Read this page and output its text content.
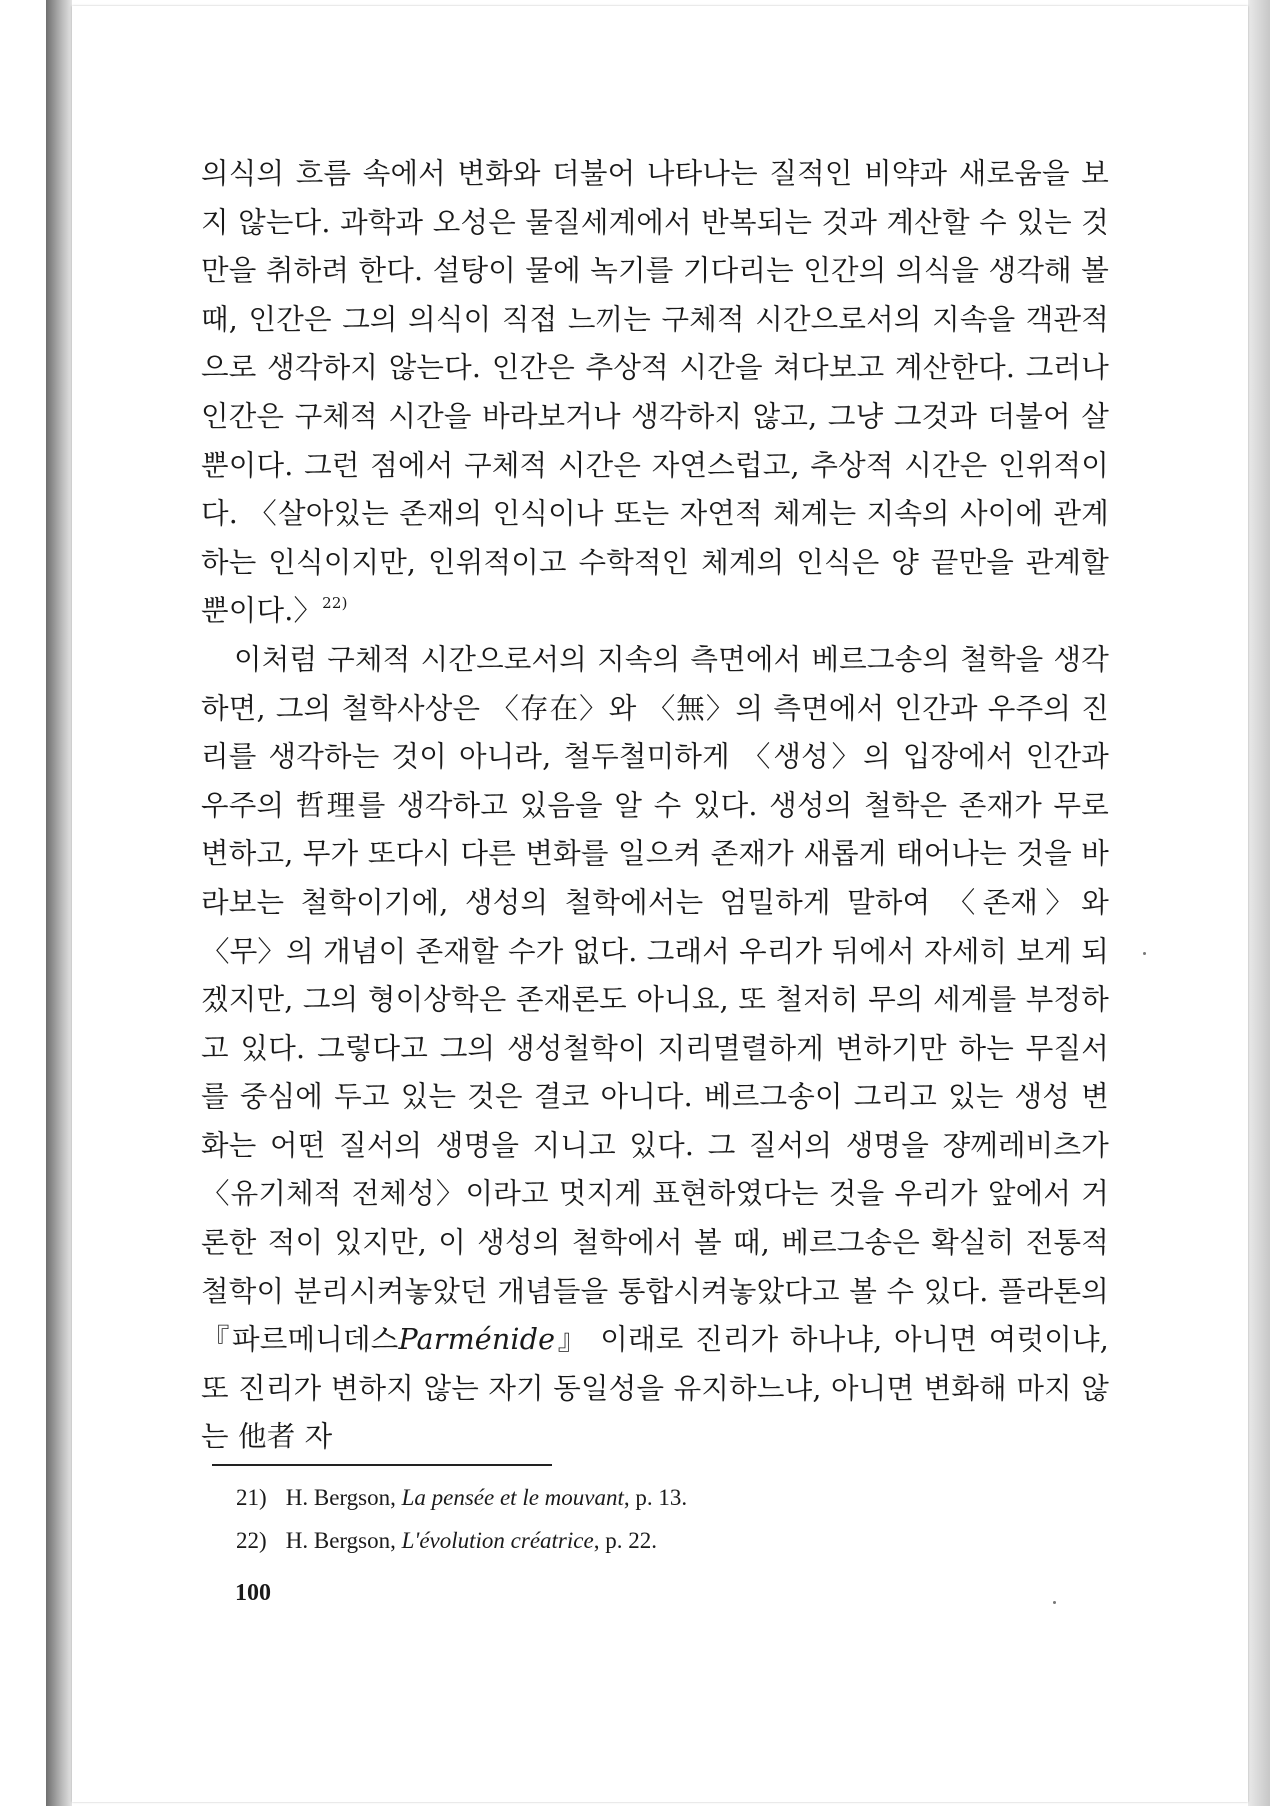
의식의 흐름 속에서 변화와 더불어 나타나는 질적인 비약과 새로움을 보지 않는다. 과학과 오성은 물질세계에서 반복되는 것과 계산할 수 있는 것만을 취하려 한다. 설탕이 물에 녹기를 기다리는 인간의 의식을 생각해 볼 때, 인간은 그의 의식이 직접 느끼는 구체적 시간으로서의 지속을 객관적으로 생각하지 않는다. 인간은 추상적 시간을 쳐다보고 계산한다. 그러나 인간은 구체적 시간을 바라보거나 생각하지 않고, 그냥 그것과 더불어 살 뿐이다. 그런 점에서 구체적 시간은 자연스럽고, 추상적 시간은 인위적이다. 〈살아있는 존재의 인식이나 또는 자연적 체계는 지속의 사이에 관계하는 인식이지만, 인위적이고 수학적인 체계의 인식은 양 끝만을 관계할 뿐이다.〉$^{22)}$

이처럼 구체적 시간으로서의 지속의 측면에서 베르그송의 철학을 생각하면, 그의 철학사상은 〈存在〉와 〈無〉의 측면에서 인간과 우주의 진리를 생각하는 것이 아니라, 철두철미하게 〈생성〉의 입장에서 인간과 우주의 哲理를 생각하고 있음을 알 수 있다. 생성의 철학은 존재가 무로 변하고, 무가 또다시 다른 변화를 일으켜 존재가 새롭게 태어나는 것을 바라보는 철학이기에, 생성의 철학에서는 엄밀하게 말하여 〈존재〉와 〈무〉의 개념이 존재할 수가 없다. 그래서 우리가 뒤에서 자세히 보게 되겠지만, 그의 형이상학은 존재론도 아니요, 또 철저히 무의 세계를 부정하고 있다. 그렇다고 그의 생성철학이 지리멸렬하게 변하기만 하는 무질서를 중심에 두고 있는 것은 결코 아니다. 베르그송이 그리고 있는 생성 변화는 어떤 질서의 생명을 지니고 있다. 그 질서의 생명을 쟝께레비츠가 〈유기체적 전체성〉이라고 멋지게 표현하였다는 것을 우리가 앞에서 거론한 적이 있지만, 이 생성의 철학에서 볼 때, 베르그송은 확실히 전통적 철학이 분리시켜놓았던 개념들을 통합시켜놓았다고 볼 수 있다. 플라톤의 『파르메니데스Parménide』 이래로 진리가 하나냐, 아니면 여럿이냐, 또 진리가 변하지 않는 자기 동일성을 유지하느냐, 아니면 변화해 마지 않는 他者 자

21) H. Bergson, La pensée et le mouvant, p. 13.

22) H. Bergson, L'évolution créatrice, p. 22.

100
